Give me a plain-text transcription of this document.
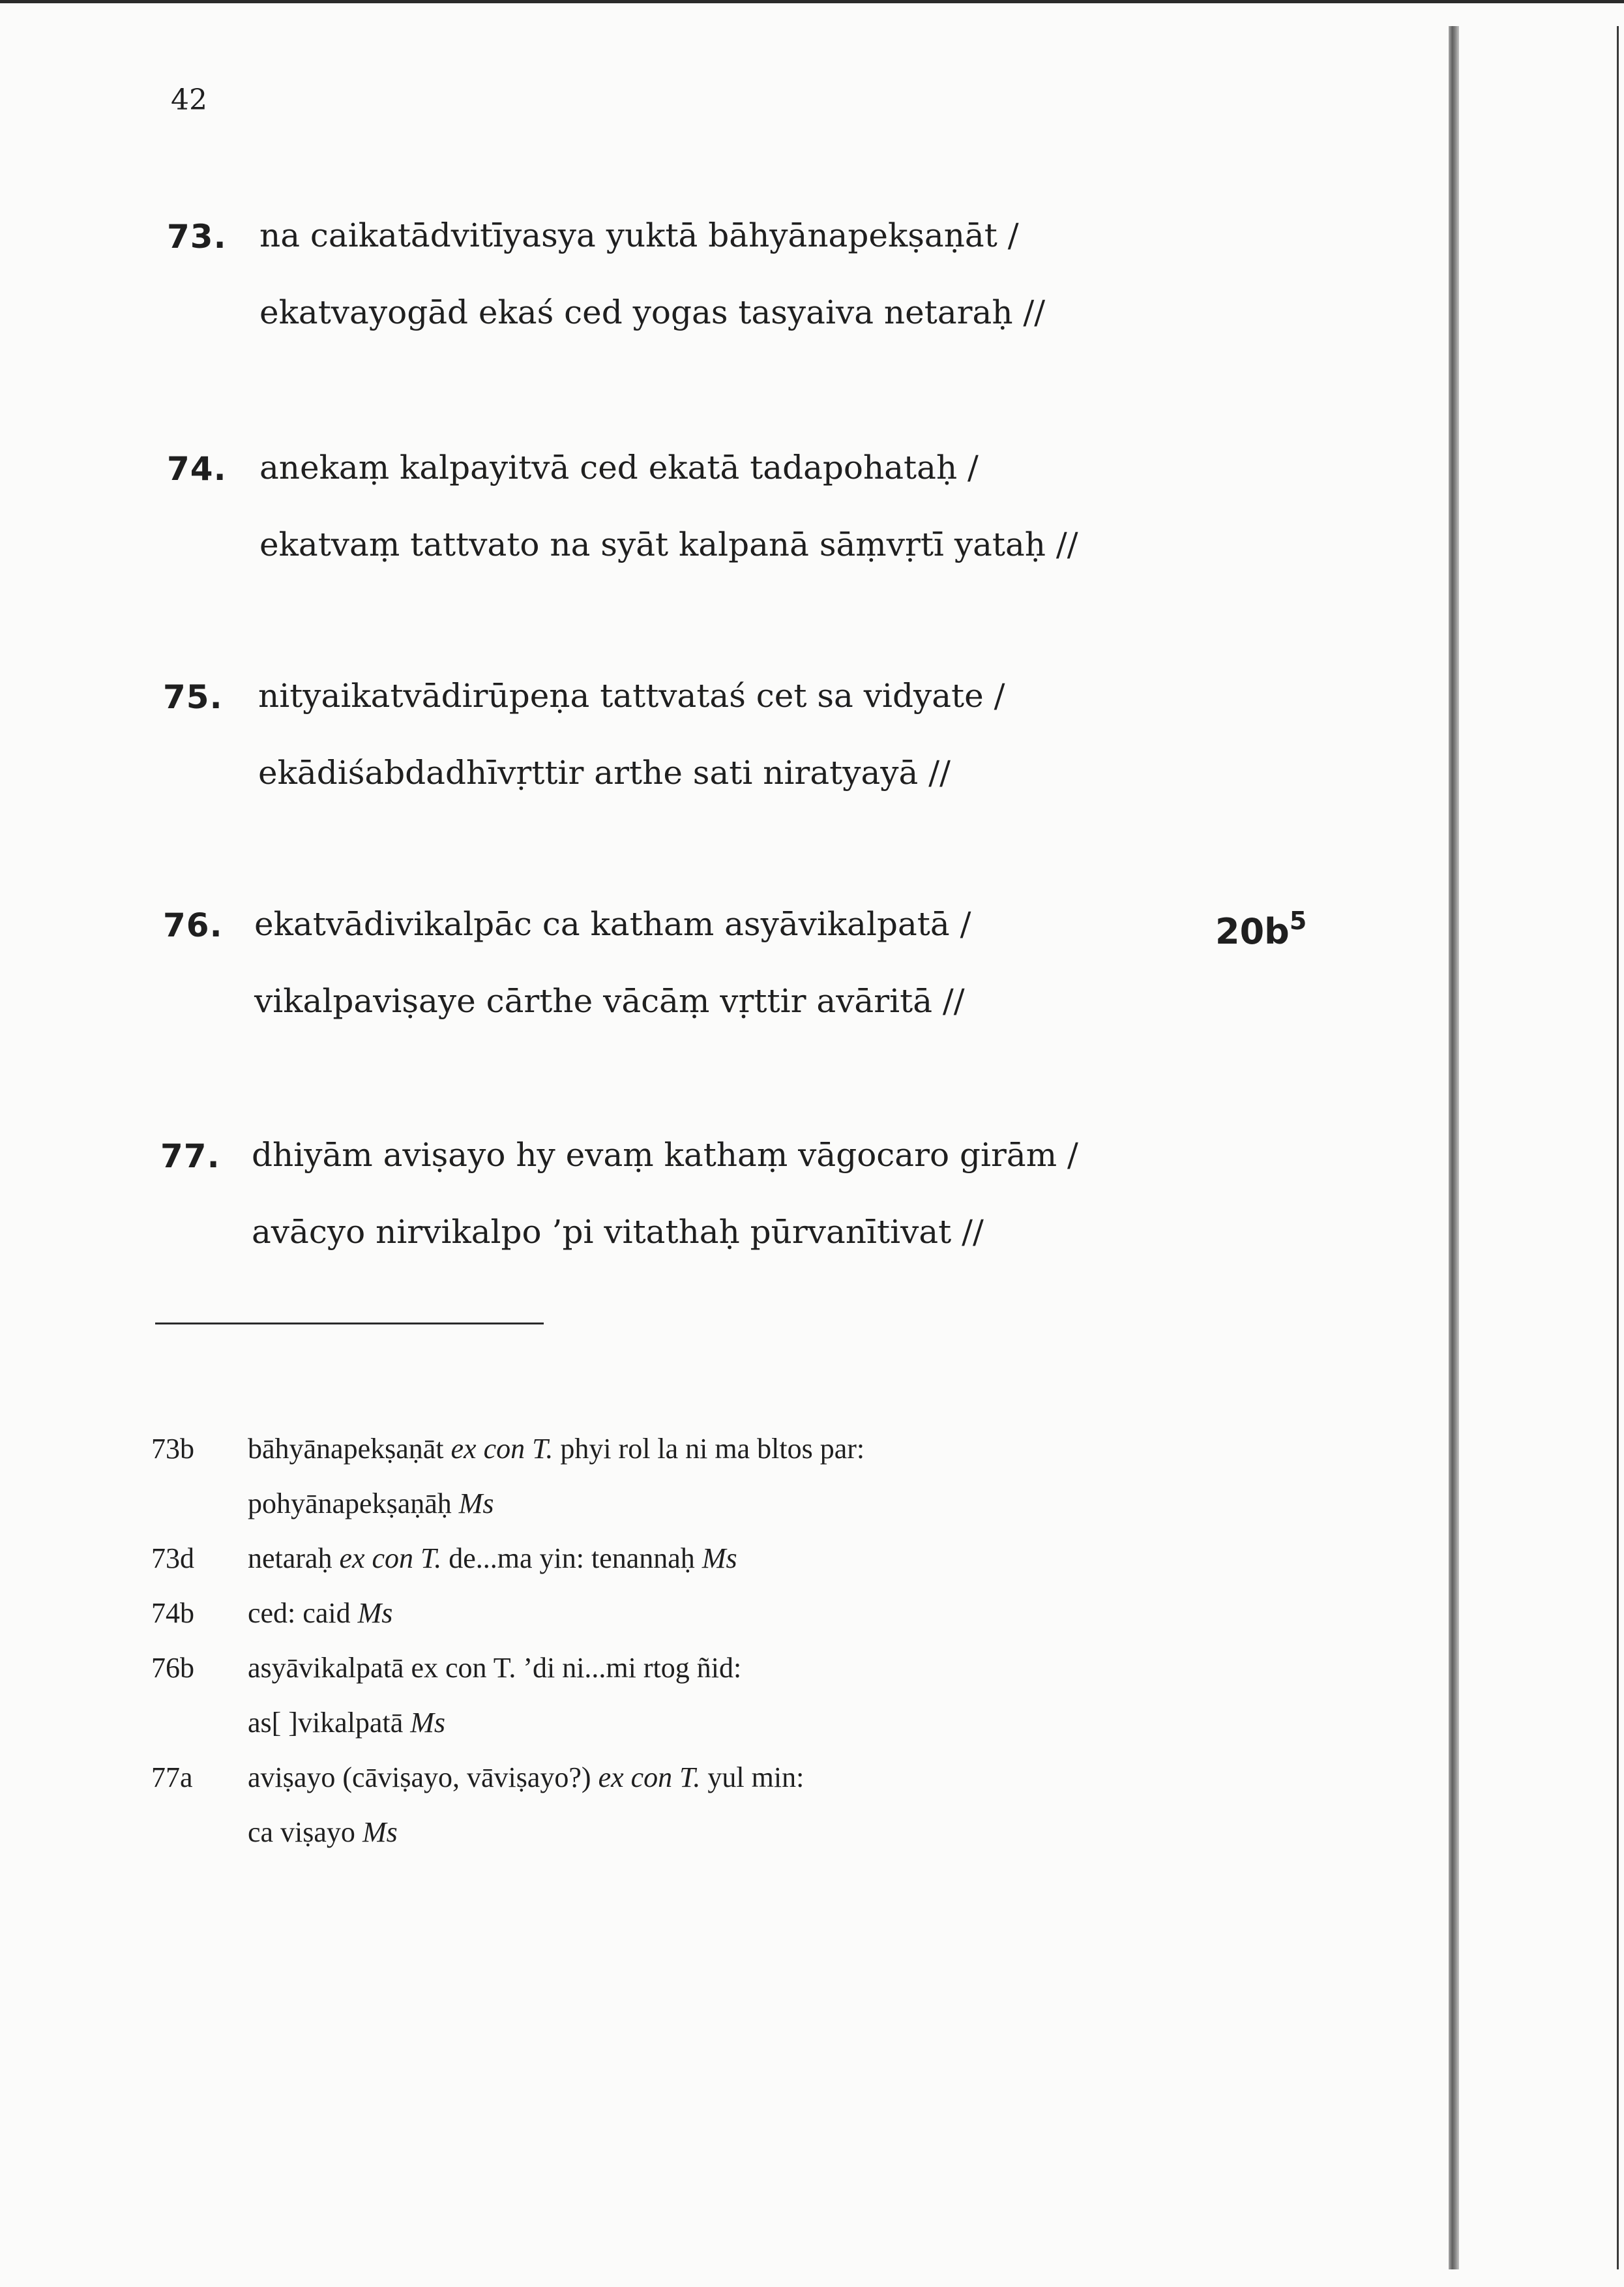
42
73. na caikatādvitīyasya yuktā bāhyānapekṣaṇāt /
ekatvayogād ekaś ced yogas tasyaiva netaraḥ //
74. anekaṃ kalpayitvā ced ekatā tadapohataḥ /
ekatvaṃ tattvato na syāt kalpanā sāṃvṛtī yataḥ //
75. nityaikatvādirūpeṇa tattvataś cet sa vidyate /
ekādiśabdadhīvṛttir arthe sati niratyayā //
76. ekatvādivikalpāc ca katham asyāvikalpatā /
vikalpaviṣaye cārthe vācāṃ vṛttir avāritā //
$20b^5$
77. dhiyām aviṣayo hy evaṃ kathaṃ vāgocaro girām /
avācyo nirvikalpo ’pi vitathaḥ pūrvanītivat //
73b bāhyānapekṣaṇāt ex con T. phyi rol la ni ma bltos par:
pohyānapekṣaṇāḥ Ms
73d netaraḥ ex con T. de...ma yin: tenannaḥ Ms
74b ced: caid Ms
76b asyāvikalpatā ex con T. ’di ni...mi rtog ñid:
as[ ]vikalpatā Ms
77a aviṣayo (cāviṣayo, vāviṣayo?) ex con T. yul min:
ca viṣayo Ms
